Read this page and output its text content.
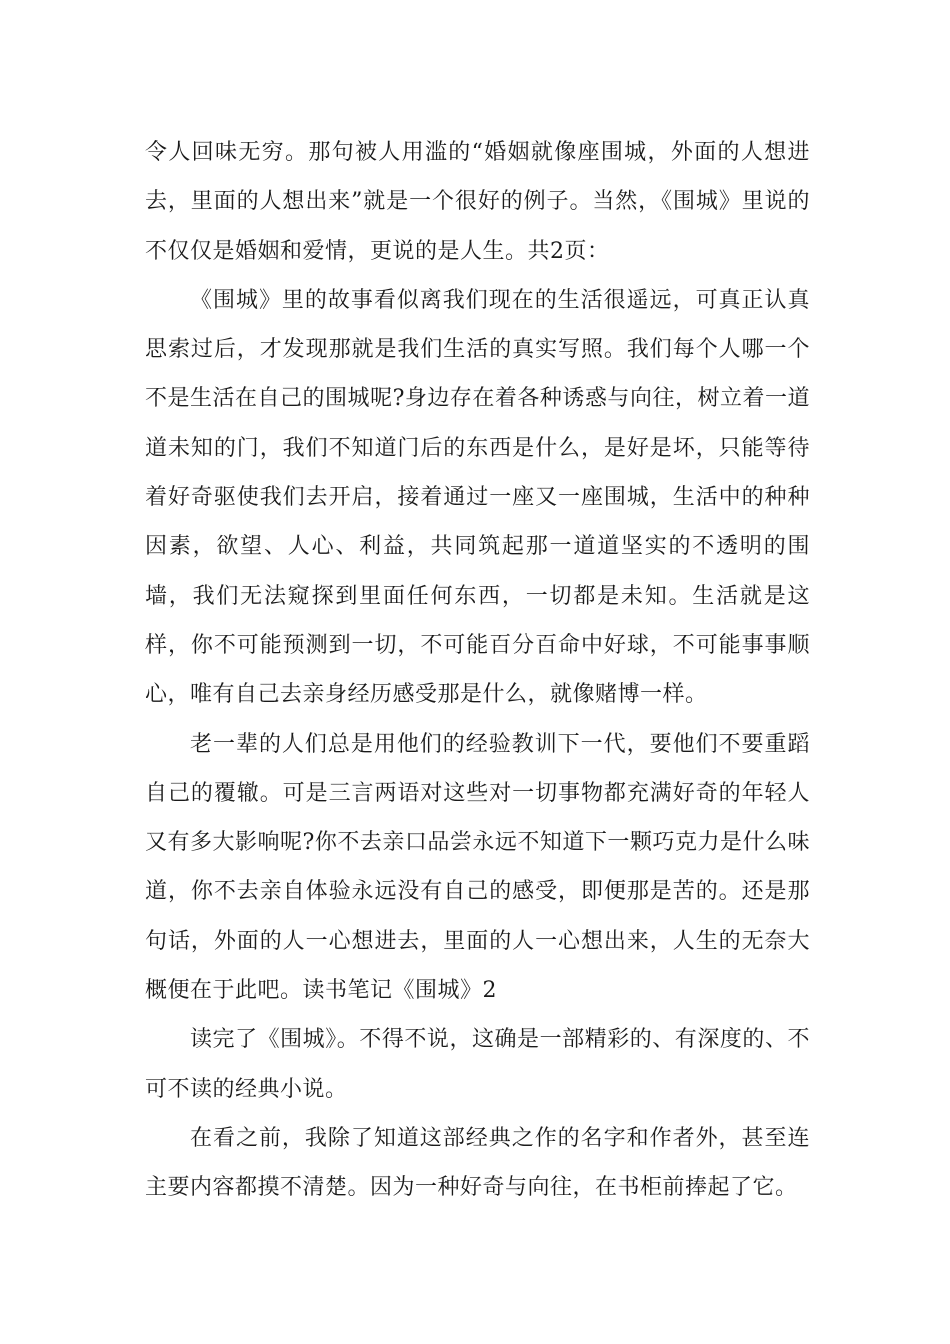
令人回味无穷。那句被人用滥的“婚姻就像座围城，外面的人想进去，里面的人想出来”就是一个很好的例子。当然，《围城》里说的不仅仅是婚姻和爱情，更说的是人生。共2页：

《围城》里的故事看似离我们现在的生活很遥远，可真正认真思索过后，才发现那就是我们生活的真实写照。我们每个人哪一个不是生活在自己的围城呢?身边存在着各种诱惑与向往，树立着一道道未知的门，我们不知道门后的东西是什么，是好是坏，只能等待着好奇驱使我们去开启，接着通过一座又一座围城，生活中的种种因素，欲望、人心、利益，共同筑起那一道道坚实的不透明的围墙，我们无法窥探到里面任何东西，一切都是未知。生活就是这样，你不可能预测到一切，不可能百分百命中好球，不可能事事顺心，唯有自己去亲身经历感受那是什么，就像赌博一样。

老一辈的人们总是用他们的经验教训下一代，要他们不要重蹈自己的覆辙。可是三言两语对这些对一切事物都充满好奇的年轻人又有多大影响呢?你不去亲口品尝永远不知道下一颗巧克力是什么味道，你不去亲自体验永远没有自己的感受，即便那是苦的。还是那句话，外面的人一心想进去，里面的人一心想出来，人生的无奈大概便在于此吧。读书笔记《围城》2

读完了《围城》。不得不说，这确是一部精彩的、有深度的、不可不读的经典小说。

在看之前，我除了知道这部经典之作的名字和作者外，甚至连主要内容都摸不清楚。因为一种好奇与向往，在书柜前捧起了它。
